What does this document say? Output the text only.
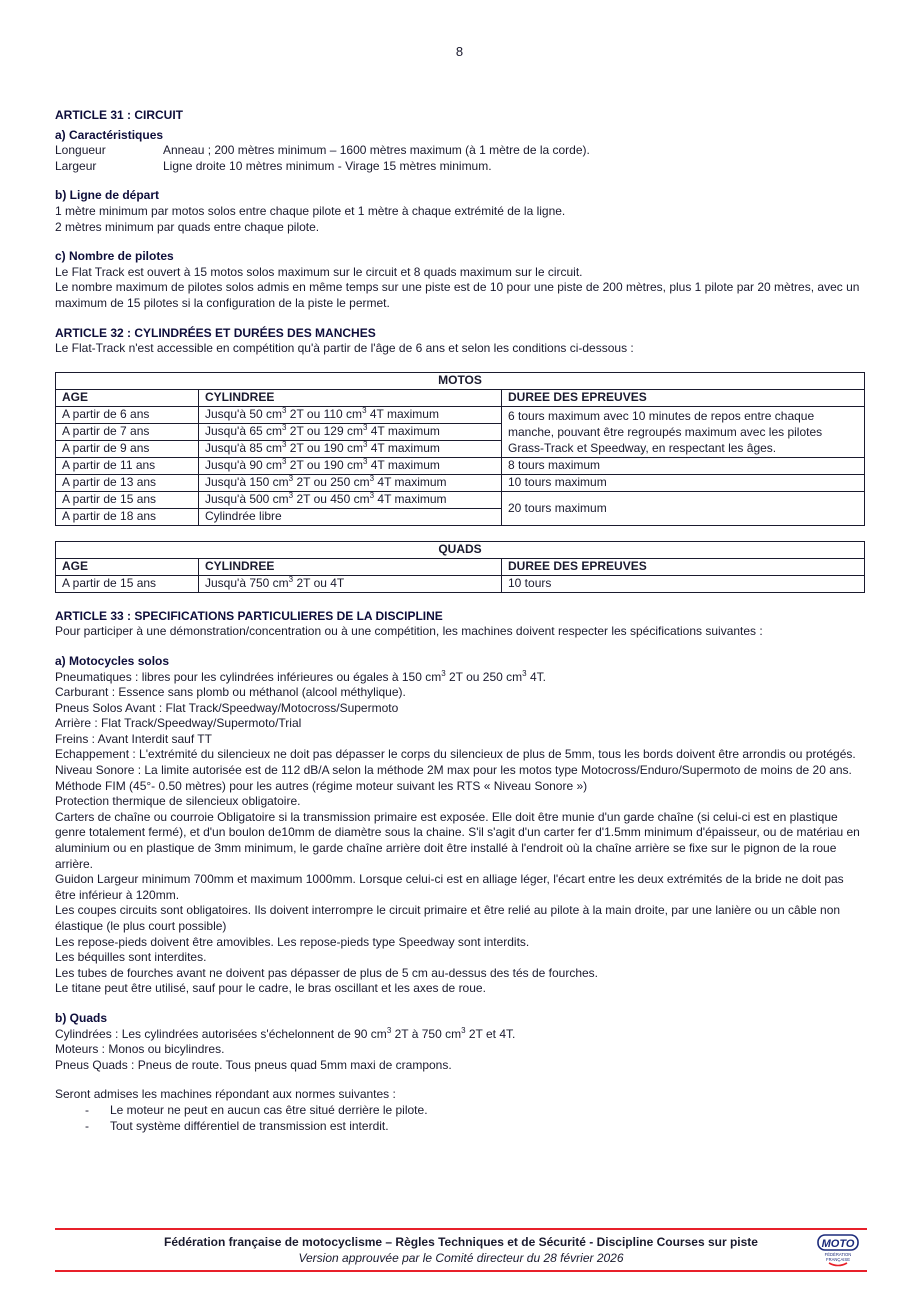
8

ARTICLE 31 : CIRCUIT

a) Caractéristiques

Longueur	Anneau ; 200 mètres minimum – 1600 mètres maximum (à 1 mètre de la corde).
Largeur	Ligne droite 10 mètres minimum - Virage 15 mètres minimum.

b) Ligne de départ

1 mètre minimum par motos solos entre chaque pilote et 1 mètre à chaque extrémité de la ligne.

2 mètres minimum par quads entre chaque pilote.

c) Nombre de pilotes

Le Flat Track est ouvert à 15 motos solos maximum sur le circuit et 8 quads maximum sur le circuit.

Le nombre maximum de pilotes solos admis en même temps sur une piste est de 10 pour une piste de 200 mètres, plus 1 pilote par 20 mètres, avec un maximum de 15 pilotes si la configuration de la piste le permet.

ARTICLE 32 : CYLINDRÉES ET DURÉES DES MANCHES

Le Flat-Track n'est accessible en compétition qu'à partir de l'âge de 6 ans et selon les conditions ci-dessous :

MOTOS		
AGE	CYLINDREE	DUREE DES EPREUVES
A partir de 6 ans	Jusqu'à 50 $cm^3$ 2T ou 110 $cm^3$ 4T maximum	6 tours maximum avec 10 minutes de repos entre chaque manche, pouvant être regroupés maximum avec les pilotes Grass-Track et Speedway, en respectant les âges.
A partir de 7 ans	Jusqu'à 65 $cm^3$ 2T ou 129 $cm^3$ 4T maximum	
A partir de 9 ans	Jusqu'à 85 $cm^3$ 2T ou 190 $cm^3$ 4T maximum	
A partir de 11 ans	Jusqu'à 90 $cm^3$ 2T ou 190 $cm^3$ 4T maximum	8 tours maximum
A partir de 13 ans	Jusqu'à 150 $cm^3$ 2T ou 250 $cm^3$ 4T maximum	10 tours maximum
A partir de 15 ans	Jusqu'à 500 $cm^3$ 2T ou 450 $cm^3$ 4T maximum	20 tours maximum
A partir de 18 ans	Cylindrée libre	
QUADS		
AGE	CYLINDREE	DUREE DES EPREUVES
A partir de 15 ans	Jusqu'à 750 $cm^3$ 2T ou 4T	10 tours

ARTICLE 33 : SPECIFICATIONS PARTICULIERES DE LA DISCIPLINE

Pour participer à une démonstration/concentration ou à une compétition, les machines doivent respecter les spécifications suivantes :

a) Motocycles solos

Pneumatiques : libres pour les cylindrées inférieures ou égales à 150 $cm^3$ 2T ou 250 $cm^3$ 4T.

Carburant : Essence sans plomb ou méthanol (alcool méthylique).

Pneus Solos Avant : Flat Track/Speedway/Motocross/Supermoto

Arrière : Flat Track/Speedway/Supermoto/Trial

Freins : Avant Interdit sauf TT

Echappement : L'extrémité du silencieux ne doit pas dépasser le corps du silencieux de plus de 5mm, tous les bords doivent être arrondis ou protégés.

Niveau Sonore : La limite autorisée est de 112 dB/A selon la méthode 2M max pour les motos type Motocross/Enduro/Supermoto de moins de 20 ans. Méthode FIM (45°- 0.50 mètres) pour les autres (régime moteur suivant les RTS « Niveau Sonore »)

Protection thermique de silencieux obligatoire.

Carters de chaîne ou courroie Obligatoire si la transmission primaire est exposée. Elle doit être munie d'un garde chaîne (si celui-ci est en plastique genre totalement fermé), et d'un boulon de10mm de diamètre sous la chaine. S'il s'agit d'un carter fer d'1.5mm minimum d'épaisseur, ou de matériau en aluminium ou en plastique de 3mm minimum, le garde chaîne arrière doit être installé à l'endroit où la chaîne arrière se fixe sur le pignon de la roue arrière.

Guidon Largeur minimum 700mm et maximum 1000mm. Lorsque celui-ci est en alliage léger, l'écart entre les deux extrémités de la bride ne doit pas être inférieur à 120mm.

Les coupes circuits sont obligatoires. Ils doivent interrompre le circuit primaire et être relié au pilote à la main droite, par une lanière ou un câble non élastique (le plus court possible)

Les repose-pieds doivent être amovibles. Les repose-pieds type Speedway sont interdits.

Les béquilles sont interdites.

Les tubes de fourches avant ne doivent pas dépasser de plus de 5 cm au-dessus des tés de fourches.

Le titane peut être utilisé, sauf pour le cadre, le bras oscillant et les axes de roue.

b) Quads

Cylindrées : Les cylindrées autorisées s'échelonnent de 90 $cm^3$ 2T à 750 $cm^3$ 2T et 4T.

Moteurs : Monos ou bicylindres.

Pneus Quads : Pneus de route. Tous pneus quad 5mm maxi de crampons.

Seront admises les machines répondant aux normes suivantes :

-	Le moteur ne peut en aucun cas être situé derrière le pilote.
-	Tout système différentiel de transmission est interdit.
Fédération française de motocyclisme – Règles Techniques et de Sécurité - Discipline Courses sur piste
Version approuvée par le Comité directeur du 28 février 2026
MOTO
FÉDÉRATION
FRANÇAISE
